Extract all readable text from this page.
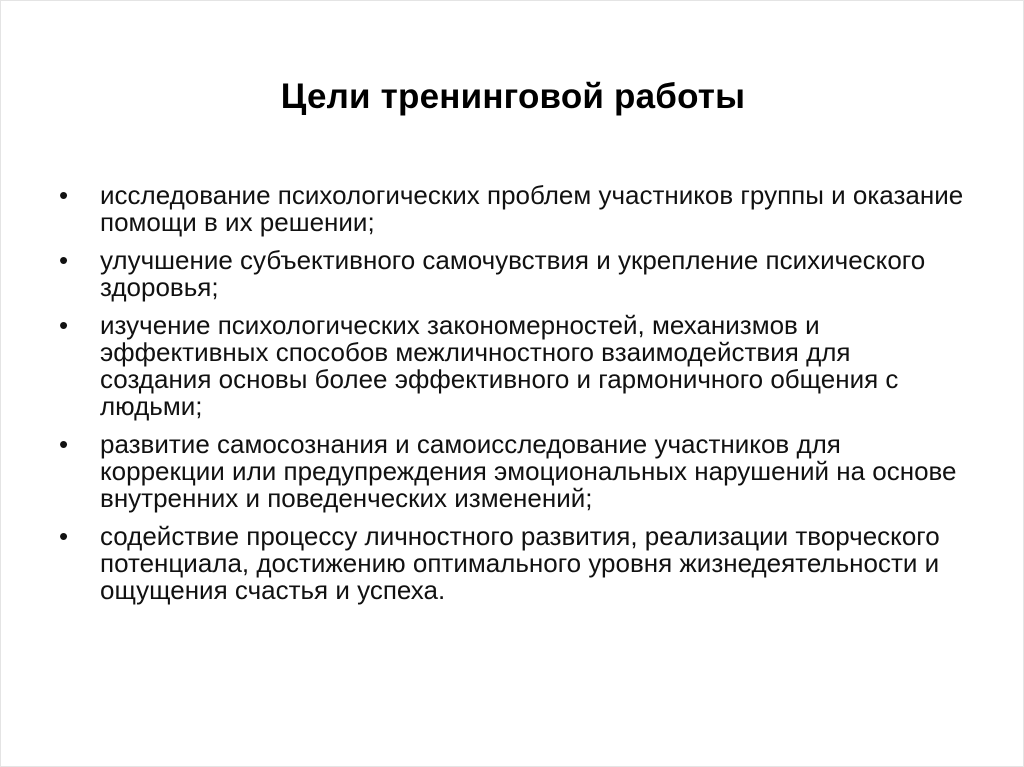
Цели тренинговой работы
•	исследование психологических проблем участников группы и оказание помощи в их решении;
•	улучшение субъективного самочувствия и укрепление психического здоровья;
•	изучение психологических закономерностей, механизмов и эффективных способов межличностного взаимодействия для создания основы более эффективного и гармоничного общения с людьми;
•	развитие самосознания и самоисследование участников для коррекции или предупреждения эмоциональных нарушений на основе внутренних и поведенческих изменений;
•	содействие процессу личностного развития, реализации творческого потенциала, достижению оптимального уровня жизнедеятельности и ощущения счастья и успеха.
